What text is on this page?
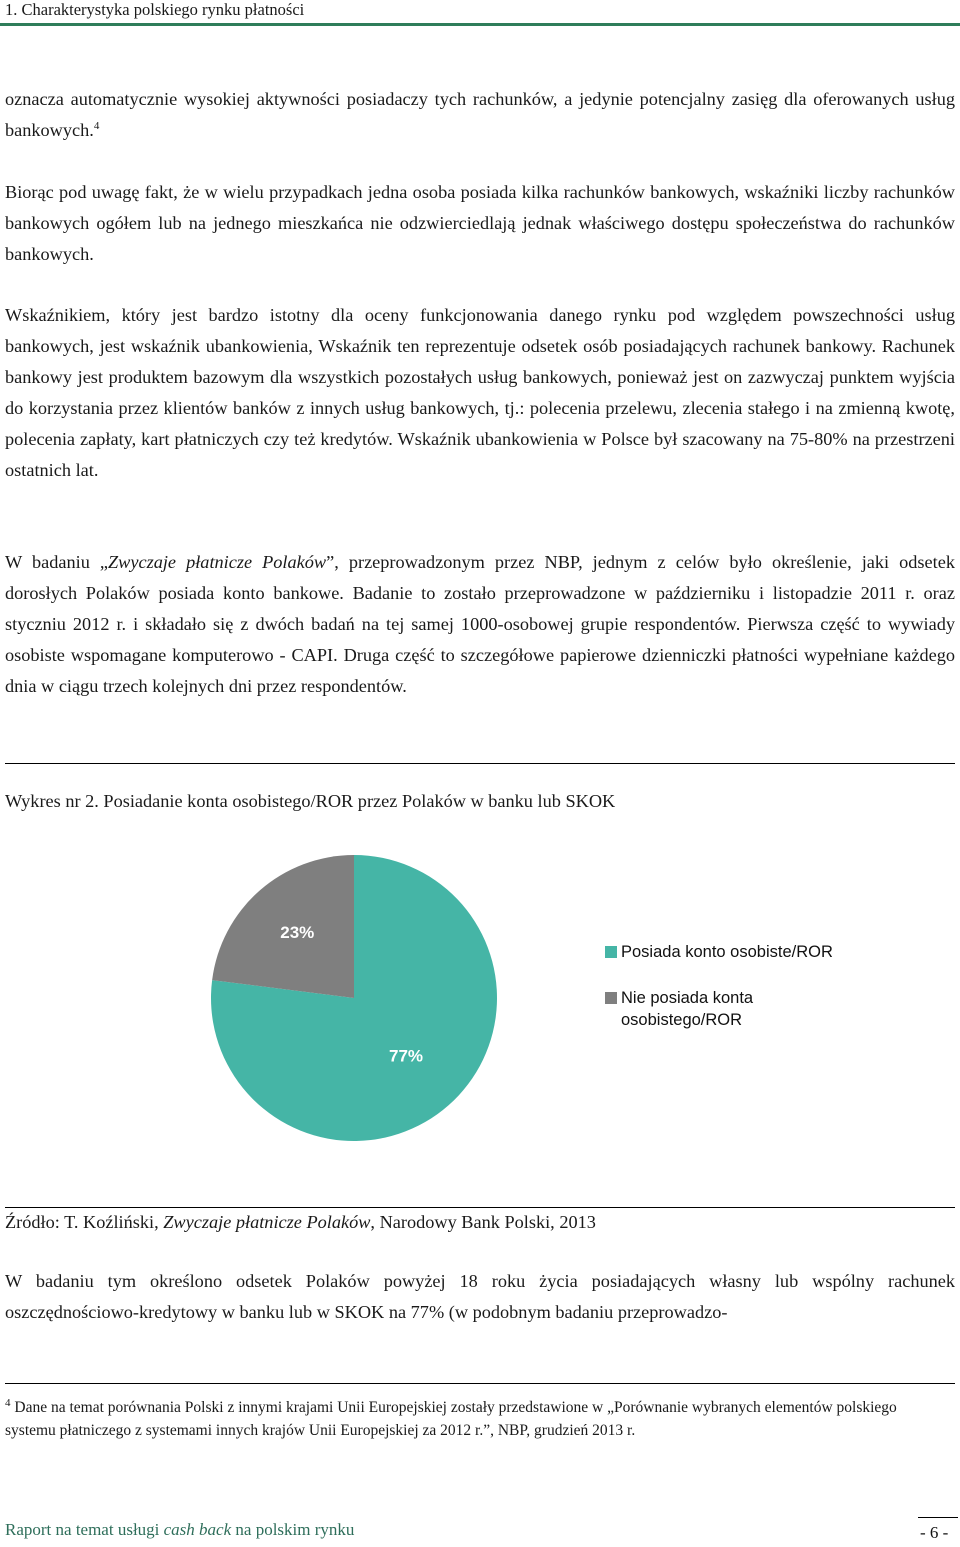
1. Charakterystyka polskiego rynku płatności
oznacza automatycznie wysokiej aktywności posiadaczy tych rachunków, a jedynie potencjalny zasięg dla oferowanych usług bankowych.$^4$
Biorąc pod uwagę fakt, że w wielu przypadkach jedna osoba posiada kilka rachunków bankowych, wskaźniki liczby rachunków bankowych ogółem lub na jednego mieszkańca nie odzwierciedlają jednak właściwego dostępu społeczeństwa do rachunków bankowych.
Wskaźnikiem, który jest bardzo istotny dla oceny funkcjonowania danego rynku pod względem powszechności usług bankowych, jest wskaźnik ubankowienia, Wskaźnik ten reprezentuje odsetek osób posiadających rachunek bankowy. Rachunek bankowy jest produktem bazowym dla wszystkich pozostałych usług bankowych, ponieważ jest on zazwyczaj punktem wyjścia do korzystania przez klientów banków z innych usług bankowych, tj.: polecenia przelewu, zlecenia stałego i na zmienną kwotę, polecenia zapłaty, kart płatniczych czy też kredytów. Wskaźnik ubankowienia w Polsce był szacowany na 75-80% na przestrzeni ostatnich lat.
W badaniu „Zwyczaje płatnicze Polaków”, przeprowadzonym przez NBP, jednym z celów było określenie, jaki odsetek dorosłych Polaków posiada konto bankowe. Badanie to zostało przeprowadzone w październiku i listopadzie 2011 r. oraz styczniu 2012 r. i składało się z dwóch badań na tej samej 1000-osobowej grupie respondentów. Pierwsza część to wywiady osobiste wspomagane komputerowo - CAPI. Druga część to szczegółowe papierowe dzienniczki płatności wypełniane każdego dnia w ciągu trzech kolejnych dni przez respondentów.
Wykres nr 2. Posiadanie konta osobistego/ROR przez Polaków w banku lub SKOK
77%
23%
Posiada konto osobiste/ROR
Nie posiada konta
osobistego/ROR
Źródło: T. Koźliński, Zwyczaje płatnicze Polaków, Narodowy Bank Polski, 2013
W badaniu tym określono odsetek Polaków powyżej 18 roku życia posiadających własny lub wspólny rachunek oszczędnościowo-kredytowy w banku lub w SKOK na 77% (w podobnym badaniu przeprowadzo-
$^4$ Dane na temat porównania Polski z innymi krajami Unii Europejskiej zostały przedstawione w „Porównanie wybranych elementów polskiego systemu płatniczego z systemami innych krajów Unii Europejskiej za 2012 r.”, NBP, grudzień 2013 r.
Raport na temat usługi cash back na polskim rynku	- 6 -
